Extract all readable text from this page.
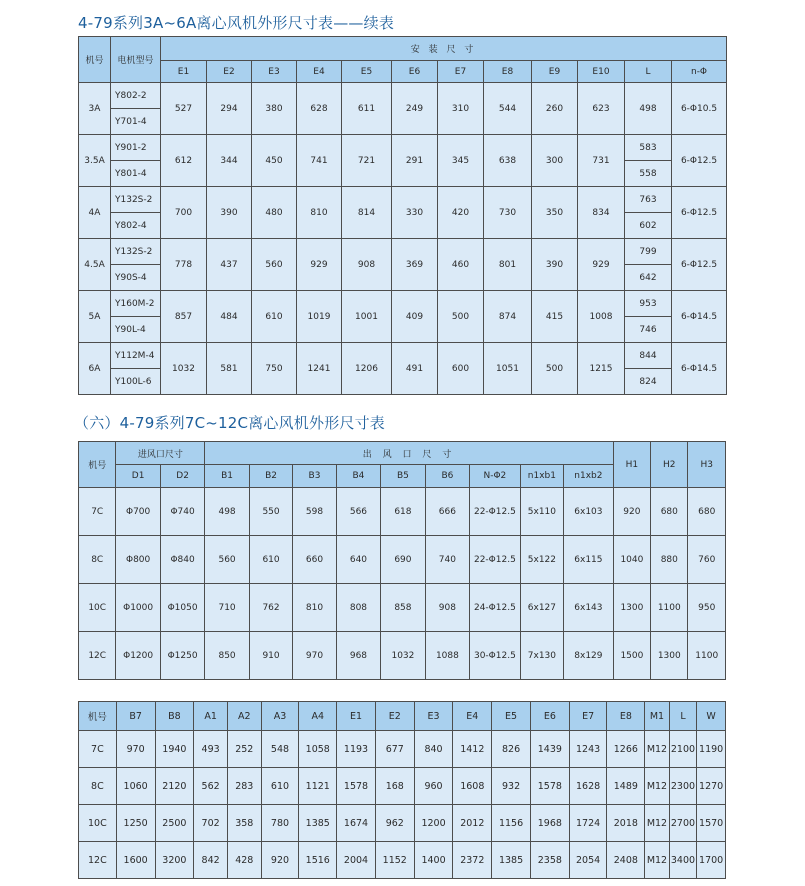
4-79系列3A~6A离心风机外形尺寸表——续表
机号	电机型号	安 装 尺 寸											
		E1	E2	E3	E4	E5	E6	E7	E8	E9	E10	L	n-Φ
3A	Y802-2	527	294	380	628	611	249	310	544	260	623	498	6-Φ10.5
	Y701-4												
3.5A	Y901-2	612	344	450	741	721	291	345	638	300	731	583	6-Φ12.5
	Y801-4											558	
4A	Y132S-2	700	390	480	810	814	330	420	730	350	834	763	6-Φ12.5
	Y802-4											602	
4.5A	Y132S-2	778	437	560	929	908	369	460	801	390	929	799	6-Φ12.5
	Y90S-4											642	
5A	Y160M-2	857	484	610	1019	1001	409	500	874	415	1008	953	6-Φ14.5
	Y90L-4											746	
6A	Y112M-4	1032	581	750	1241	1206	491	600	1051	500	1215	844	6-Φ14.5
	Y100L-6											824	
（六）4-79系列7C~12C离心风机外形尺寸表
机号	进风口尺寸		出 风 口 尺 寸									H1	H2	H3
	D1	D2	B1	B2	B3	B4	B5	B6	N-Φ2	n1xb1	n1xb2			
7C	Φ700	Φ740	498	550	598	566	618	666	22-Φ12.5	5x110	6x103	920	680	680
8C	Φ800	Φ840	560	610	660	640	690	740	22-Φ12.5	5x122	6x115	1040	880	760
10C	Φ1000	Φ1050	710	762	810	808	858	908	24-Φ12.5	6x127	6x143	1300	1100	950
12C	Φ1200	Φ1250	850	910	970	968	1032	1088	30-Φ12.5	7x130	8x129	1500	1300	1100
机号	B7	B8	A1	A2	A3	A4	E1	E2	E3	E4	E5	E6	E7	E8	M1	L	W
7C	970	1940	493	252	548	1058	1193	677	840	1412	826	1439	1243	1266	M12	2100	1190
8C	1060	2120	562	283	610	1121	1578	168	960	1608	932	1578	1628	1489	M12	2300	1270
10C	1250	2500	702	358	780	1385	1674	962	1200	2012	1156	1968	1724	2018	M12	2700	1570
12C	1600	3200	842	428	920	1516	2004	1152	1400	2372	1385	2358	2054	2408	M12	3400	1700
